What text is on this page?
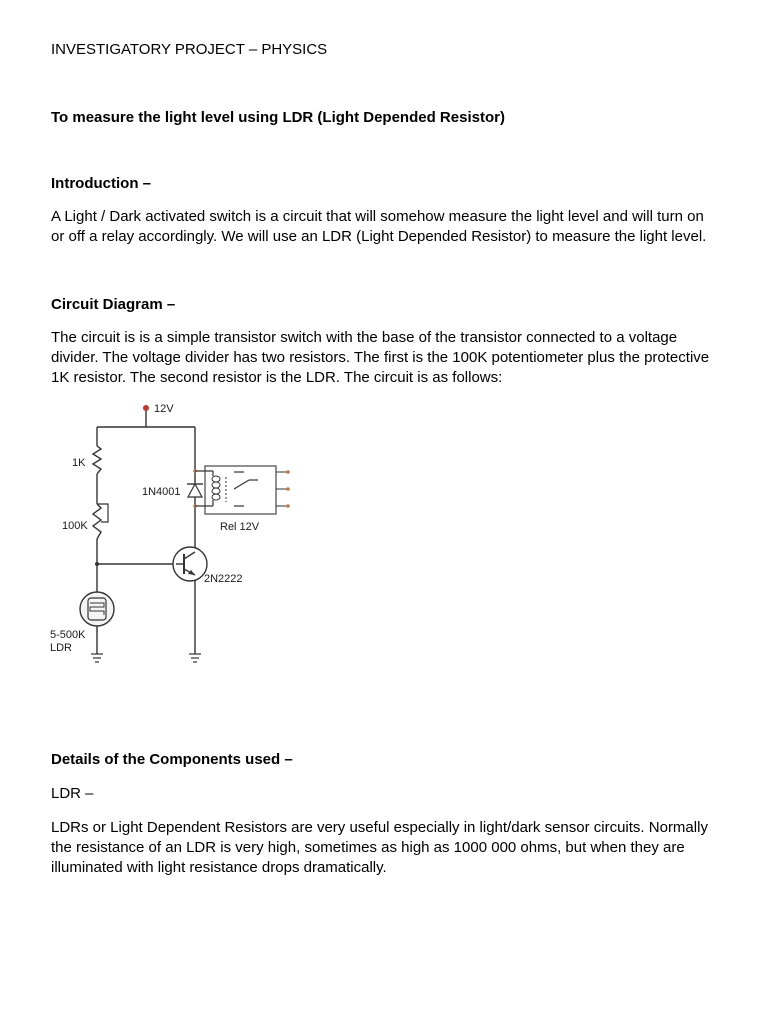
INVESTIGATORY PROJECT – PHYSICS
To measure the light level using LDR (Light Depended Resistor)
Introduction –
A Light / Dark activated switch is a circuit that will somehow measure the light level and will turn on
or off a relay accordingly. We will use an LDR (Light Depended Resistor) to measure the light level.
Circuit Diagram –
The circuit is is a simple transistor switch with the base of the transistor connected to a voltage
divider. The voltage divider has two resistors. The first is the 100K potentiometer plus the protective
1K resistor. The second resistor is the LDR. The circuit is as follows:
12V
1K
100K
5-500K
LDR
1N4001
Rel 12V
2N2222
Details of the Components used –
LDR –
LDRs or Light Dependent Resistors are very useful especially in light/dark sensor circuits. Normally
the resistance of an LDR is very high, sometimes as high as 1000 000 ohms, but when they are
illuminated with light resistance drops dramatically.
